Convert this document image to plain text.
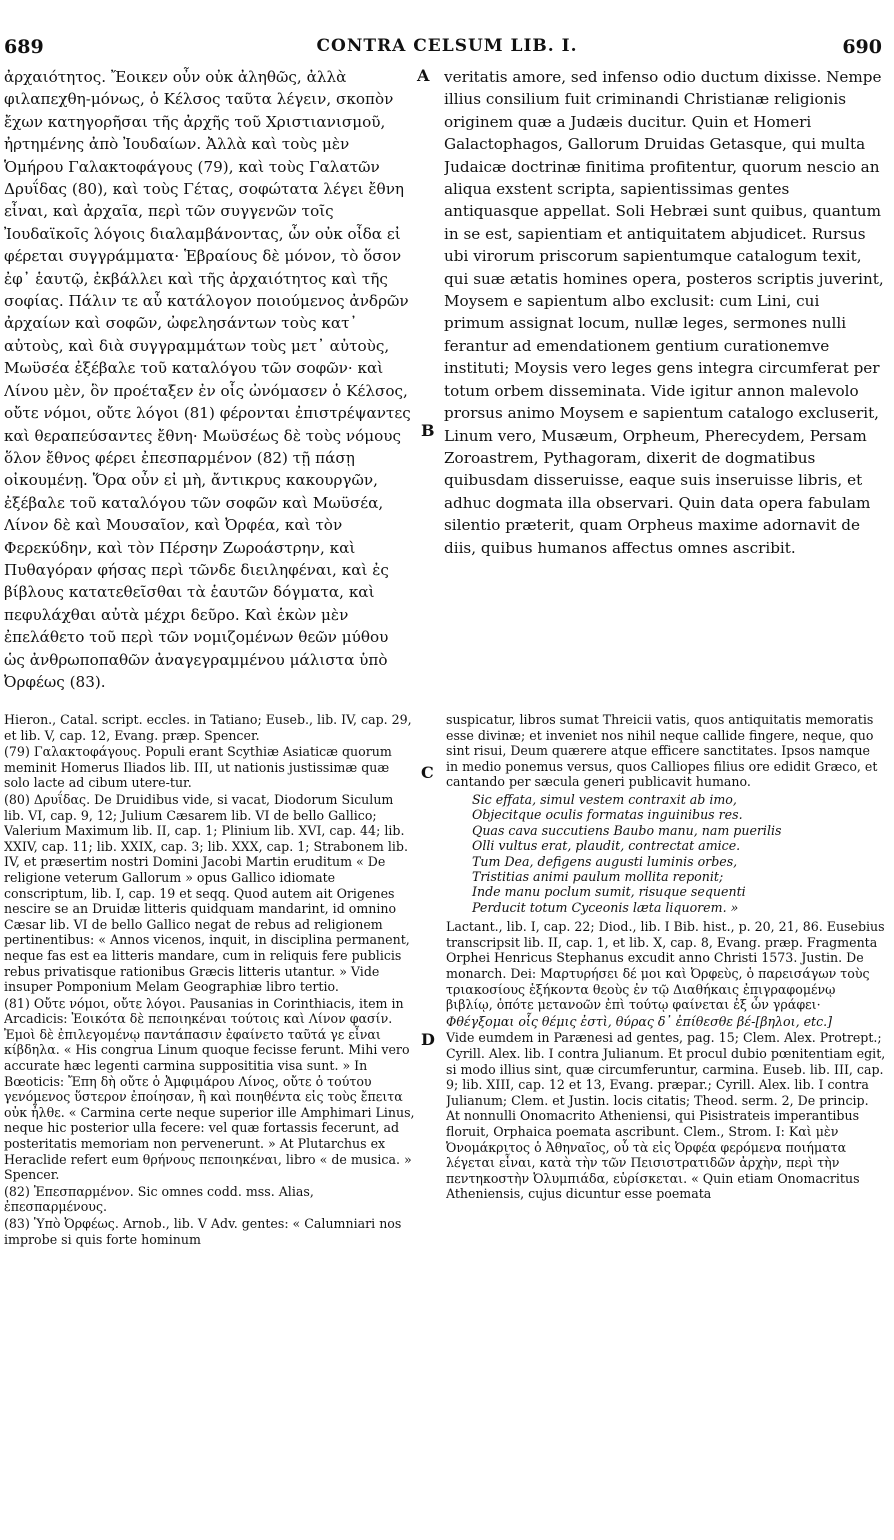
689	CONTRA CELSUM LIB. I.	690

ἀρχαιότητος. Ἔοικεν οὖν οὐκ ἀληθῶς, ἀλλὰ φιλαπεχθη-μόνως, ὁ Κέλσος ταῦτα λέγειν, σκοπὸν ἔχων κατηγορῆσαι τῆς ἀρχῆς τοῦ Χριστιανισμοῦ, ἠρτημένης ἀπὸ Ἰουδαίων. Ἀλλὰ καὶ τοὺς μὲν Ὁμήρου Γαλακτοφάγους (79), καὶ τοὺς Γαλατῶν Δρυΐδας (80), καὶ τοὺς Γέτας, σοφώτατα λέγει ἔθνη εἶναι, καὶ ἀρχαῖα, περὶ τῶν συγγενῶν τοῖς Ἰουδαϊκοῖς λόγοις διαλαμβάνοντας, ὧν οὐκ οἶδα εἰ φέρεται συγγράμματα· Ἑβραίους δὲ μόνον, τὸ ὅσον ἐφ᾽ ἑαυτῷ, ἐκβάλλει καὶ τῆς ἀρχαιότητος καὶ τῆς σοφίας. Πάλιν τε αὖ κατάλογον ποιούμενος ἀνδρῶν ἀρχαίων καὶ σοφῶν, ὠφελησάντων τοὺς κατ᾽ αὐτοὺς, καὶ διὰ συγγραμμάτων τοὺς μετ᾽ αὐτοὺς, Μωϋσέα ἐξέβαλε τοῦ καταλόγου τῶν σοφῶν· καὶ Λίνου μὲν, ὃν προέταξεν ἐν οἷς ὠνόμασεν ὁ Κέλσος, οὔτε νόμοι, οὔτε λόγοι (81) φέρονται ἐπιστρέψαντες καὶ θεραπεύσαντες ἔθνη· Μωϋσέως δὲ τοὺς νόμους ὅλον ἔθνος φέρει ἐπεσπαρμένον (82) τῇ πάσῃ οἰκουμένῃ. Ὅρα οὖν εἰ μὴ, ἄντικρυς κακουργῶν, ἐξέβαλε τοῦ καταλόγου τῶν σοφῶν καὶ Μωϋσέα, Λίνον δὲ καὶ Μουσαῖον, καὶ Ὀρφέα, καὶ τὸν Φερεκύδην, καὶ τὸν Πέρσην Ζωροάστρην, καὶ Πυθαγόραν φήσας περὶ τῶνδε διειληφέναι, καὶ ἐς βίβλους κατατεθεῖσθαι τὰ ἑαυτῶν δόγματα, καὶ πεφυλάχθαι αὐτὰ μέχρι δεῦρο. Καὶ ἑκὼν μὲν ἐπελάθετο τοῦ περὶ τῶν νομιζομένων θεῶν μύθου ὡς ἀνθρωποπαθῶν ἀναγεγραμμένου μάλιστα ὑπὸ Ὀρφέως (83).

A
B
C
D

veritatis amore, sed infenso odio ductum dixisse. Nempe illius consilium fuit criminandi Christianæ religionis originem quæ a Judæis ducitur. Quin et Homeri Galactophagos, Gallorum Druidas Getasque, qui multa Judaicæ doctrinæ finitima profitentur, quorum nescio an aliqua exstent scripta, sapientissimas gentes antiquasque appellat. Soli Hebræi sunt quibus, quantum in se est, sapientiam et antiquitatem abjudicet. Rursus ubi virorum priscorum sapientumque catalogum texit, qui suæ ætatis homines opera, posteros scriptis juverint, Moysem e sapientum albo exclusit: cum Lini, cui primum assignat locum, nullæ leges, sermones nulli ferantur ad emendationem gentium curationemve instituti; Moysis vero leges gens integra circumferat per totum orbem disseminata. Vide igitur annon malevolo prorsus animo Moysem e sapientum catalogo excluserit, Linum vero, Musæum, Orpheum, Pherecydem, Persam Zoroastrem, Pythagoram, dixerit de dogmatibus quibusdam disseruisse, eaque suis inseruisse libris, et adhuc dogmata illa observari. Quin data opera fabulam silentio præterit, quam Orpheus maxime adornavit de diis, quibus humanos affectus omnes ascribit.

Hieron., Catal. script. eccles. in Tatiano; Euseb., lib. IV, cap. 29, et lib. V, cap. 12, Evang. præp. Spencer.

(79) Γαλακτοφάγους. Populi erant Scythiæ Asiaticæ quorum meminit Homerus Iliados lib. III, ut nationis justissimæ quæ solo lacte ad cibum utere-tur.

(80) Δρυΐδας. De Druidibus vide, si vacat, Diodorum Siculum lib. VI, cap. 9, 12; Julium Cæsarem lib. VI de bello Gallico; Valerium Maximum lib. II, cap. 1; Plinium lib. XVI, cap. 44; lib. XXIV, cap. 11; lib. XXIX, cap. 3; lib. XXX, cap. 1; Strabonem lib. IV, et præsertim nostri Domini Jacobi Martin eruditum « De religione veterum Gallorum » opus Gallico idiomate conscriptum, lib. I, cap. 19 et seqq. Quod autem ait Origenes nescire se an Druidæ litteris quidquam mandarint, id omnino Cæsar lib. VI de bello Gallico negat de rebus ad religionem pertinentibus: « Annos vicenos, inquit, in disciplina permanent, neque fas est ea litteris mandare, cum in reliquis fere publicis rebus privatisque rationibus Græcis litteris utantur. » Vide insuper Pomponium Melam Geographiæ libro tertio.

(81) Οὔτε νόμοι, οὔτε λόγοι. Pausanias in Corinthiacis, item in Arcadicis: Ἐοικότα δὲ πεποιηκέναι τούτοις καὶ Λίνον φασίν. Ἐμοὶ δὲ ἐπιλεγομένῳ παντάπασιν ἐφαίνετο ταῦτά γε εἶναι κίβδηλα. « His congrua Linum quoque fecisse ferunt. Mihi vero accurate hæc legenti carmina supposititia visa sunt. » In Bœoticis: Ἔπη δὴ οὔτε ὁ Ἀμφιμάρου Λίνος, οὔτε ὁ τούτου γενόμενος ὕστερον ἐποίησαν, ἢ καὶ ποιηθέντα εἰς τοὺς ἔπειτα οὐκ ἦλθε. « Carmina certe neque superior ille Amphimari Linus, neque hic posterior ulla fecere: vel quæ fortassis fecerunt, ad posteritatis memoriam non pervenerunt. » At Plutarchus ex Heraclide refert eum θρήνους πεποιηκέναι, libro « de musica. » Spencer.

(82) Ἐπεσπαρμένον. Sic omnes codd. mss. Alias, ἐπεσπαρμένους.

(83) Ὑπὸ Ὀρφέως. Arnob., lib. V Adv. gentes: « Calumniari nos improbe si quis forte hominum

suspicatur, libros sumat Threicii vatis, quos antiquitatis memoratis esse divinæ; et inveniet nos nihil neque callide fingere, neque, quo sint risui, Deum quærere atque efficere sanctitates. Ipsos namque in medio ponemus versus, quos Calliopes filius ore edidit Græco, et cantando per sæcula generi publicavit humano.

Sic effata, simul vestem contraxit ab imo,

Objecitque oculis formatas inguinibus res.

Quas cava succutiens Baubo manu, nam puerilis

Olli vultus erat, plaudit, contrectat amice.

Tum Dea, defigens augusti luminis orbes,

Tristitias animi paulum mollita reponit;

Inde manu poclum sumit, risuque sequenti

Perducit totum Cyceonis læta liquorem. »

Lactant., lib. I, cap. 22; Diod., lib. I Bib. hist., p. 20, 21, 86. Eusebius transcripsit lib. II, cap. 1, et lib. X, cap. 8, Evang. præp. Fragmenta Orphei Henricus Stephanus excudit anno Christi 1573. Justin. De monarch. Dei: Μαρτυρήσει δέ μοι καὶ Ὀρφεὺς, ὁ παρεισάγων τοὺς τριακοσίους ἑξήκοντα θεοὺς ἐν τῷ Διαθήκαις ἐπιγραφομένῳ βιβλίῳ, ὁπότε μετανοῶν ἐπὶ τούτῳ φαίνεται ἐξ ὧν γράφει·

Φθέγξομαι οἷς θέμις ἐστὶ, θύρας δ᾽ ἐπίθεσθε βέ-[βηλοι, etc.]

Vide eumdem in Parænesi ad gentes, pag. 15; Clem. Alex. Protrept.; Cyrill. Alex. lib. I contra Julianum. Et procul dubio pœnitentiam egit, si modo illius sint, quæ circumferuntur, carmina. Euseb. lib. III, cap. 9; lib. XIII, cap. 12 et 13, Evang. præpar.; Cyrill. Alex. lib. I contra Julianum; Clem. et Justin. locis citatis; Theod. serm. 2, De princip. At nonnulli Onomacrito Atheniensi, qui Pisistrateis imperantibus floruit, Orphaica poemata ascribunt. Clem., Strom. I: Καὶ μὲν Ὀνομάκριτος ὁ Ἀθηναῖος, οὗ τὰ εἰς Ὀρφέα φερόμενα ποιήματα λέγεται εἶναι, κατὰ τὴν τῶν Πεισιστρατιδῶν ἀρχὴν, περὶ τὴν πεντηκοστὴν Ὀλυμπιάδα, εὑρίσκεται. « Quin etiam Onomacritus Atheniensis, cujus dicuntur esse poemata
